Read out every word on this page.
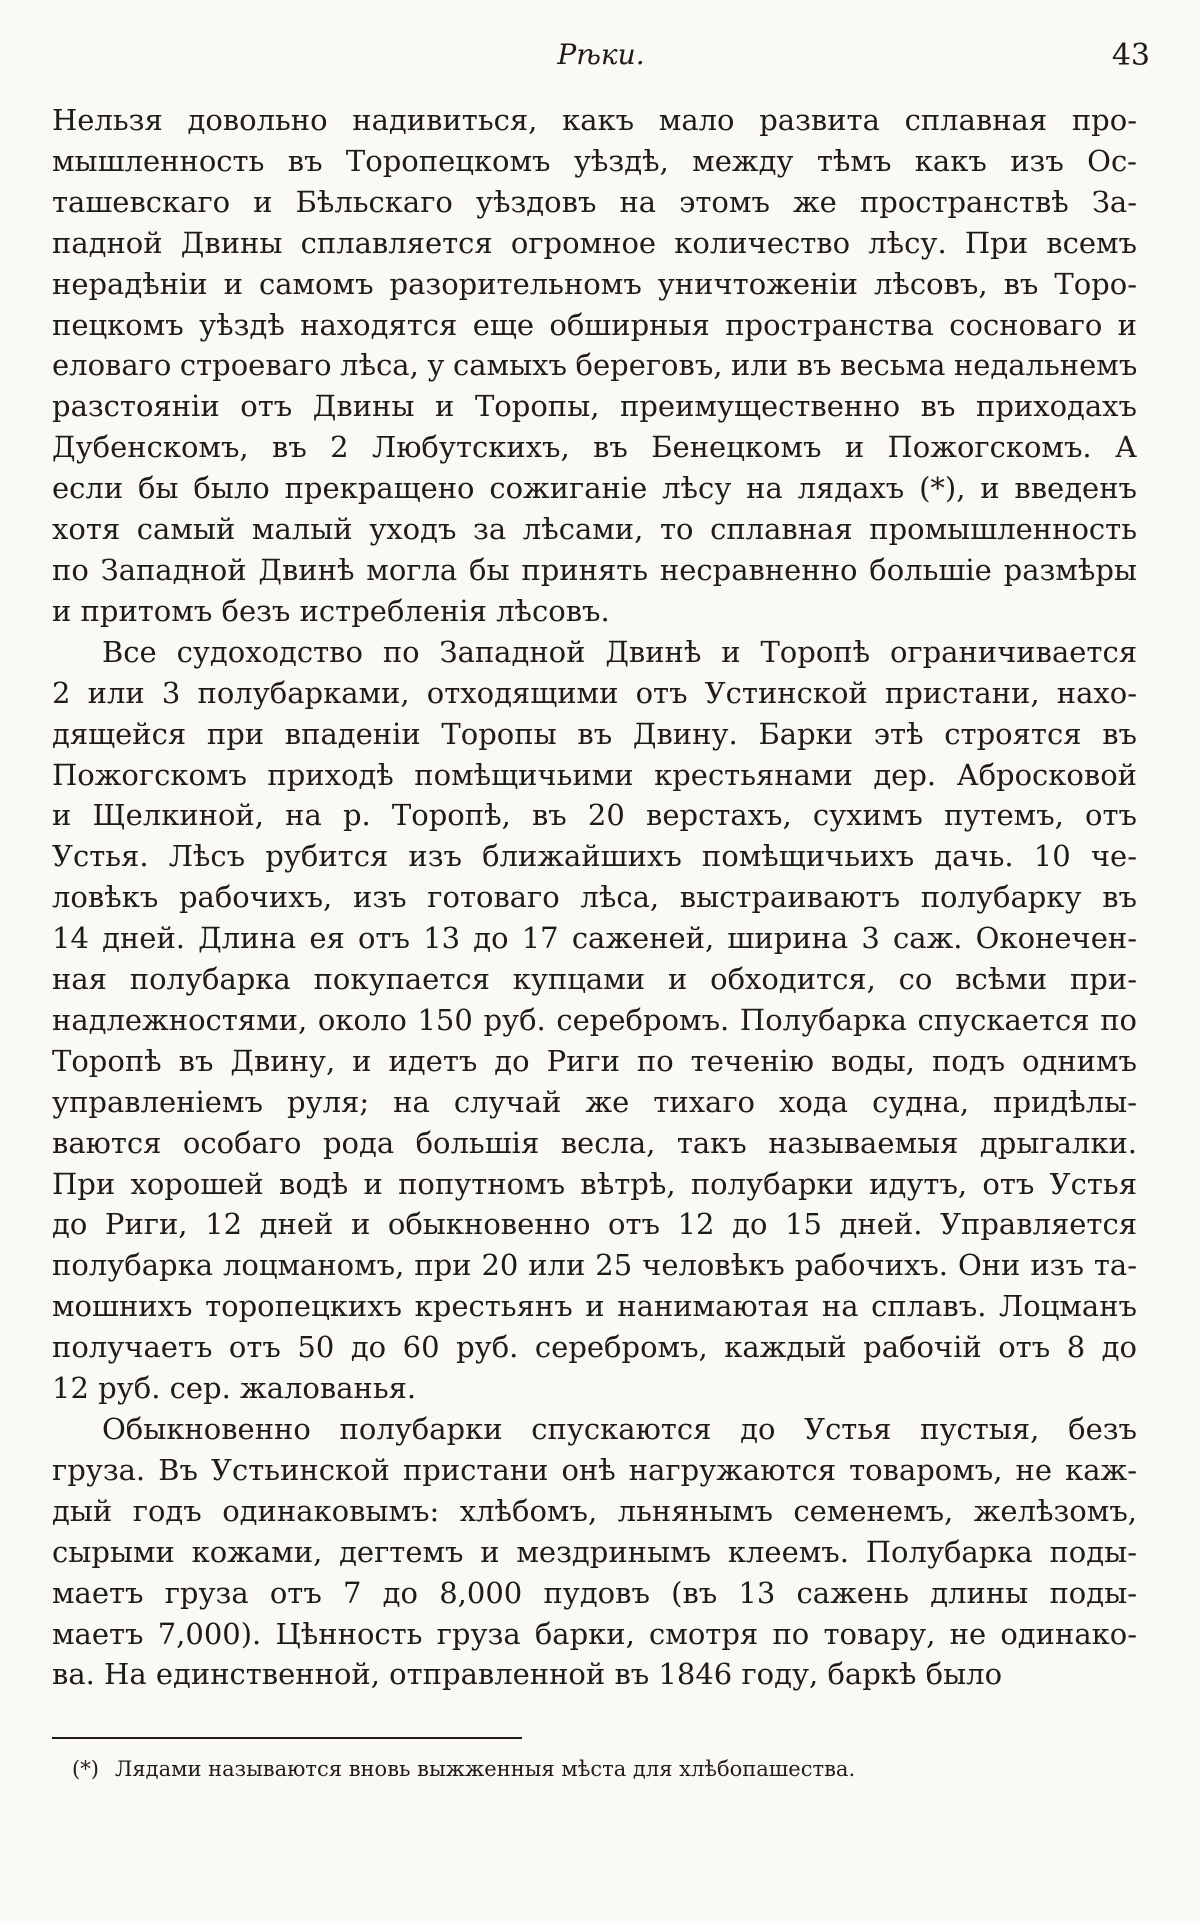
Рѣки.	43
Нельзя довольно надивиться, какъ мало развита сплавная про-
мышленность въ Торопецкомъ уѣздѣ, между тѣмъ какъ изъ Ос-
ташевскаго и Бѣльскаго уѣздовъ на этомъ же пространствѣ За-
падной Двины сплавляется огромное количество лѣсу. При всемъ
нерадѣніи и самомъ разорительномъ уничтоженіи лѣсовъ, въ Торо-
пецкомъ уѣздѣ находятся еще обширныя пространства сосноваго и
еловаго строеваго лѣса, у самыхъ береговъ, или въ весьма недальнемъ
разстояніи отъ Двины и Торопы, преимущественно въ приходахъ
Дубенскомъ, въ 2 Любутскихъ, въ Бенецкомъ и Пожогскомъ. А
если бы было прекращено сожиганіе лѣсу на лядахъ (*), и введенъ
хотя самый малый уходъ за лѣсами, то сплавная промышленность
по Западной Двинѣ могла бы принять несравненно большіе размѣры
и притомъ безъ истребленія лѣсовъ.
Все судоходство по Западной Двинѣ и Торопѣ ограничивается
2 или 3 полубарками, отходящими отъ Устинской пристани, нахо-
дящейся при впаденіи Торопы въ Двину. Барки этѣ строятся въ
Пожогскомъ приходѣ помѣщичьими крестьянами дер. Абросковой
и Щелкиной, на р. Торопѣ, въ 20 верстахъ, сухимъ путемъ, отъ
Устья. Лѣсъ рубится изъ ближайшихъ помѣщичьихъ дачь. 10 че-
ловѣкъ рабочихъ, изъ готоваго лѣса, выстраиваютъ полубарку въ
14 дней. Длина ея отъ 13 до 17 саженей, ширина 3 саж. Оконечен-
ная полубарка покупается купцами и обходится, со всѣми при-
надлежностями, около 150 руб. серебромъ. Полубарка спускается по
Торопѣ въ Двину, и идетъ до Риги по теченію воды, подъ однимъ
управленіемъ руля; на случай же тихаго хода судна, придѣлы-
ваются особаго рода большія весла, такъ называемыя дрыгалки.
При хорошей водѣ и попутномъ вѣтрѣ, полубарки идутъ, отъ Устья
до Риги, 12 дней и обыкновенно отъ 12 до 15 дней. Управляется
полубарка лоцманомъ, при 20 или 25 человѣкъ рабочихъ. Они изъ та-
мошнихъ торопецкихъ крестьянъ и нанимаютая на сплавъ. Лоцманъ
получаетъ отъ 50 до 60 руб. серебромъ, каждый рабочій отъ 8 до
12 руб. сер. жалованья.
Обыкновенно полубарки спускаются до Устья пустыя, безъ
груза. Въ Устьинской пристани онѣ нагружаются товаромъ, не каж-
дый годъ одинаковымъ: хлѣбомъ, льнянымъ семенемъ, желѣзомъ,
сырыми кожами, дегтемъ и мездринымъ клеемъ. Полубарка поды-
маетъ груза отъ 7 до 8,000 пудовъ (въ 13 сажень длины поды-
маетъ 7,000). Цѣнность груза барки, смотря по товару, не одинако-
ва. На единственной, отправленной въ 1846 году, баркѣ было
(*) Лядами называются вновь выжженныя мѣста для хлѣбопашества.
